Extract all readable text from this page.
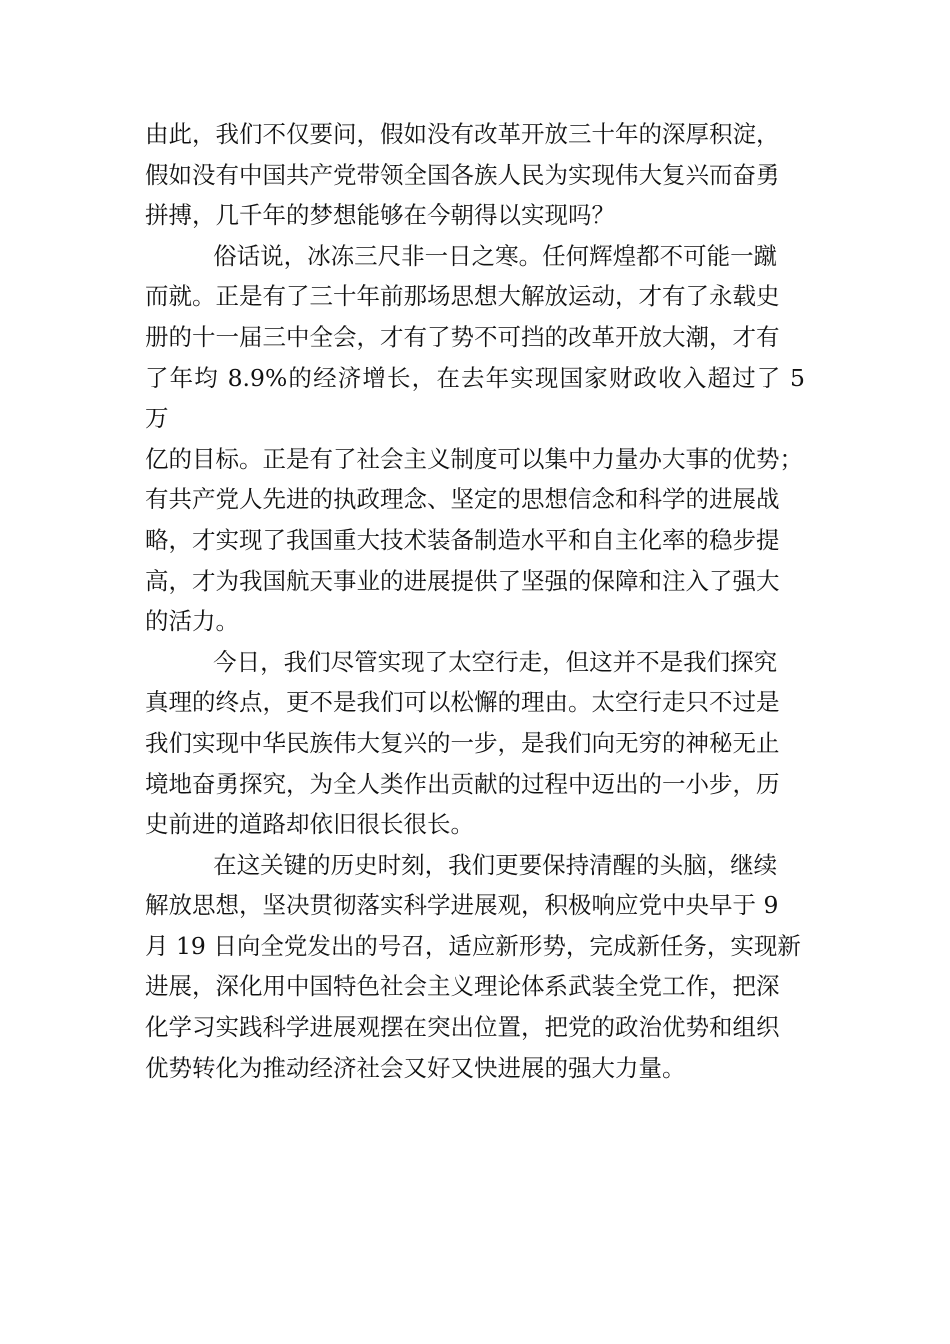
由此，我们不仅要问，假如没有改革开放三十年的深厚积淀，
假如没有中国共产党带领全国各族人民为实现伟大复兴而奋勇
拼搏，几千年的梦想能够在今朝得以实现吗？

俗话说，冰冻三尺非一日之寒。任何辉煌都不可能一蹴
而就。正是有了三十年前那场思想大解放运动，才有了永载史
册的十一届三中全会，才有了势不可挡的改革开放大潮，才有
了年均 8.9%的经济增长，在去年实现国家财政收入超过了 5 万
亿的目标。正是有了社会主义制度可以集中力量办大事的优势；
有共产党人先进的执政理念、坚定的思想信念和科学的进展战
略，才实现了我国重大技术装备制造水平和自主化率的稳步提
高，才为我国航天事业的进展提供了坚强的保障和注入了强大
的活力。

今日，我们尽管实现了太空行走，但这并不是我们探究
真理的终点，更不是我们可以松懈的理由。太空行走只不过是
我们实现中华民族伟大复兴的一步，是我们向无穷的神秘无止
境地奋勇探究，为全人类作出贡献的过程中迈出的一小步，历
史前进的道路却依旧很长很长。

在这关键的历史时刻，我们更要保持清醒的头脑，继续
解放思想，坚决贯彻落实科学进展观，积极响应党中央早于 9
月 19 日向全党发出的号召，适应新形势，完成新任务，实现新
进展，深化用中国特色社会主义理论体系武装全党工作，把深
化学习实践科学进展观摆在突出位置，把党的政治优势和组织
优势转化为推动经济社会又好又快进展的强大力量。
